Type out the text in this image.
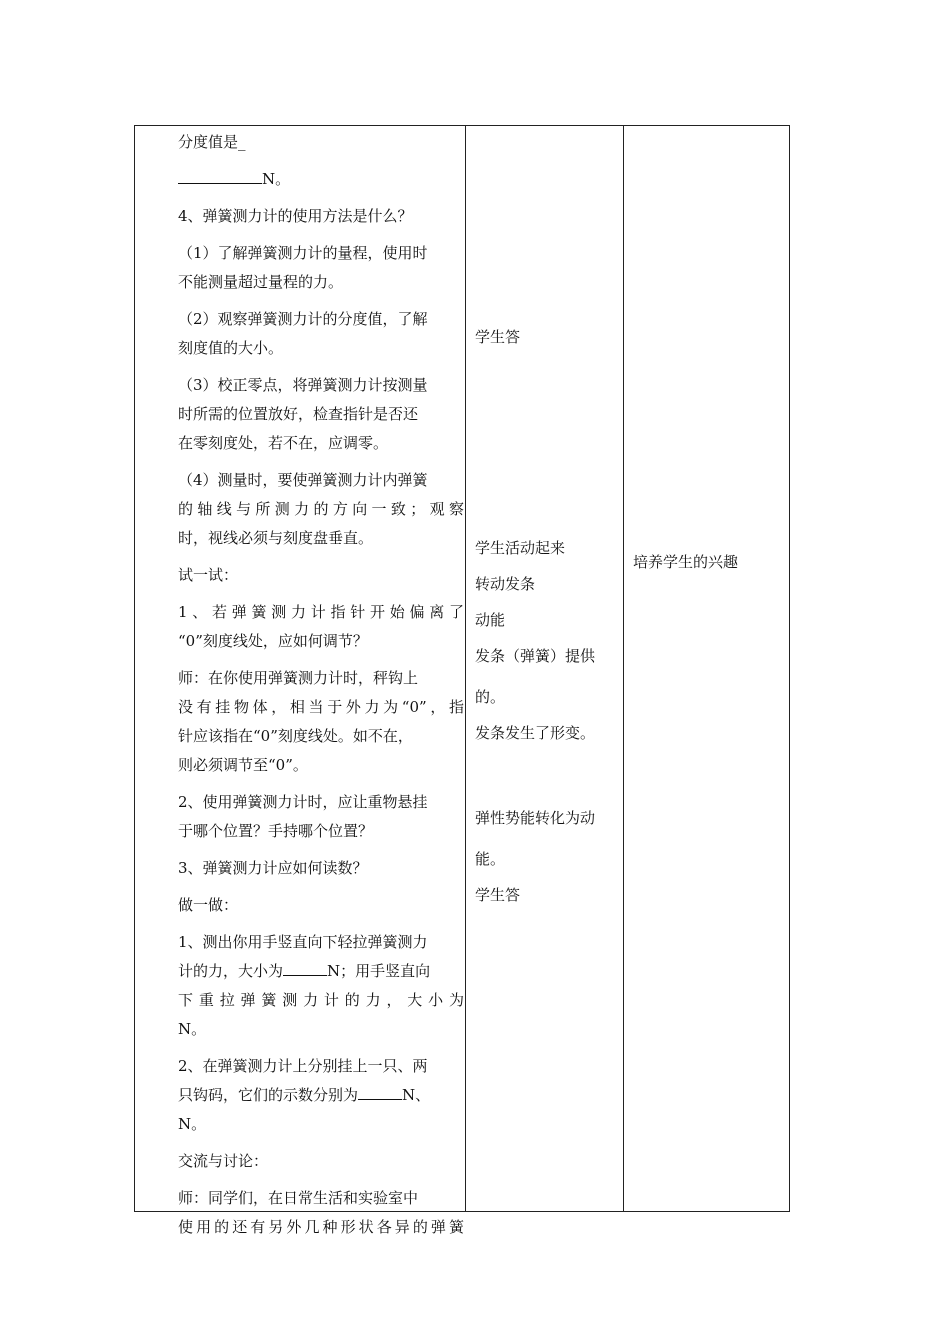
分度值是_
N。
4、弹簧测力计的使用方法是什么？
（1）了解弹簧测力计的量程，使用时
不能测量超过量程的力。
（2）观察弹簧测力计的分度值，了解
刻度值的大小。
（3）校正零点，将弹簧测力计按测量
时所需的位置放好，检查指针是否还
在零刻度处，若不在，应调零。
（4）测量时，要使弹簧测力计内弹簧
的轴线与所测力的方向一致；观察
时，视线必须与刻度盘垂直。
试一试：
1、若弹簧测力计指针开始偏离了
“0”刻度线处，应如何调节？
师：在你使用弹簧测力计时，秤钩上
没有挂物体，相当于外力为“0”，指
针应该指在“0”刻度线处。如不在，
则必须调节至“0”。
2、使用弹簧测力计时，应让重物悬挂
于哪个位置？手持哪个位置？
3、弹簧测力计应如何读数？
做一做：
1、测出你用手竖直向下轻拉弹簧测力
计的力，大小为	N；用手竖直向
下重拉弹簧测力计的力，大小为
N。
2、在弹簧测力计上分别挂上一只、两
只钩码，它们的示数分别为	N、
N。
交流与讨论：
师：同学们，在日常生活和实验室中
使用的还有另外几种形状各异的弹簧
学生答
学生活动起来
转动发条
动能
发条（弹簧）提供
的。
发条发生了形变。
弹性势能转化为动
能。
学生答
培养学生的兴趣
